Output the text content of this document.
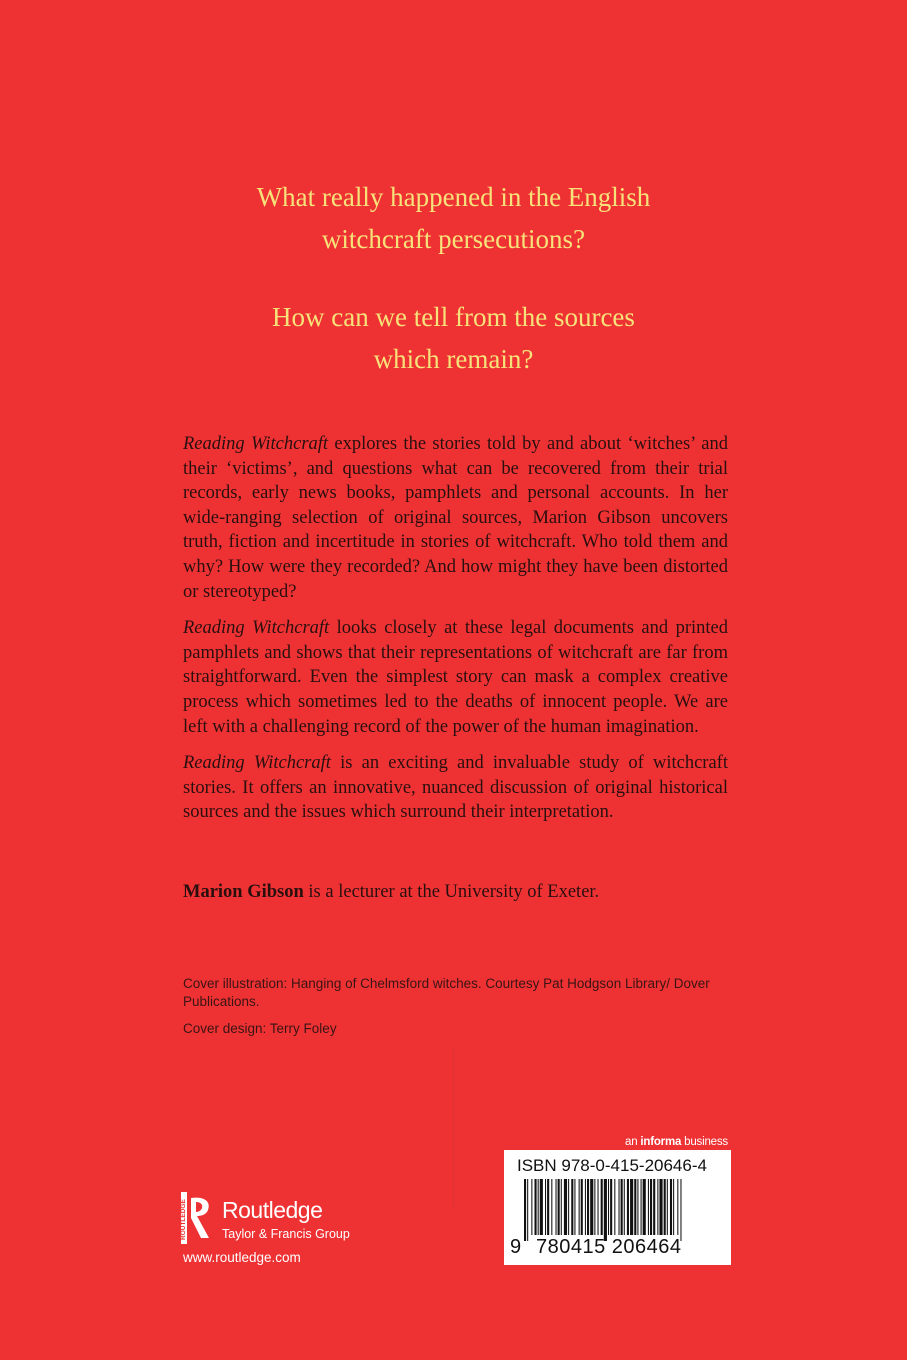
What really happened in the English
witchcraft persecutions?
How can we tell from the sources
which remain?

Reading Witchcraft explores the stories told by and about ‘witches’ and their ‘victims’, and questions what can be recovered from their trial records, early news books, pamphlets and personal accounts. In her wide-ranging selection of original sources, Marion Gibson uncovers truth, fiction and incertitude in stories of witchcraft. Who told them and why? How were they recorded? And how might they have been distorted or stereotyped?

Reading Witchcraft looks closely at these legal documents and printed pamphlets and shows that their representations of witchcraft are far from straightforward. Even the simplest story can mask a complex creative process which sometimes led to the deaths of innocent people. We are left with a challenging record of the power of the human imagination.

Reading Witchcraft is an exciting and invaluable study of witchcraft stories. It offers an innovative, nuanced discussion of original historical sources and the issues which surround their interpretation.

Marion Gibson is a lecturer at the University of Exeter.

Cover illustration: Hanging of Chelmsford witches. Courtesy Pat Hodgson Library/ Dover Publications.
Cover design: Terry Foley
an informa business
ISBN 978-0-415-20646-4
9 780415 206464
ROUTLEDGE Routledge
Taylor & Francis Group
www.routledge.com
